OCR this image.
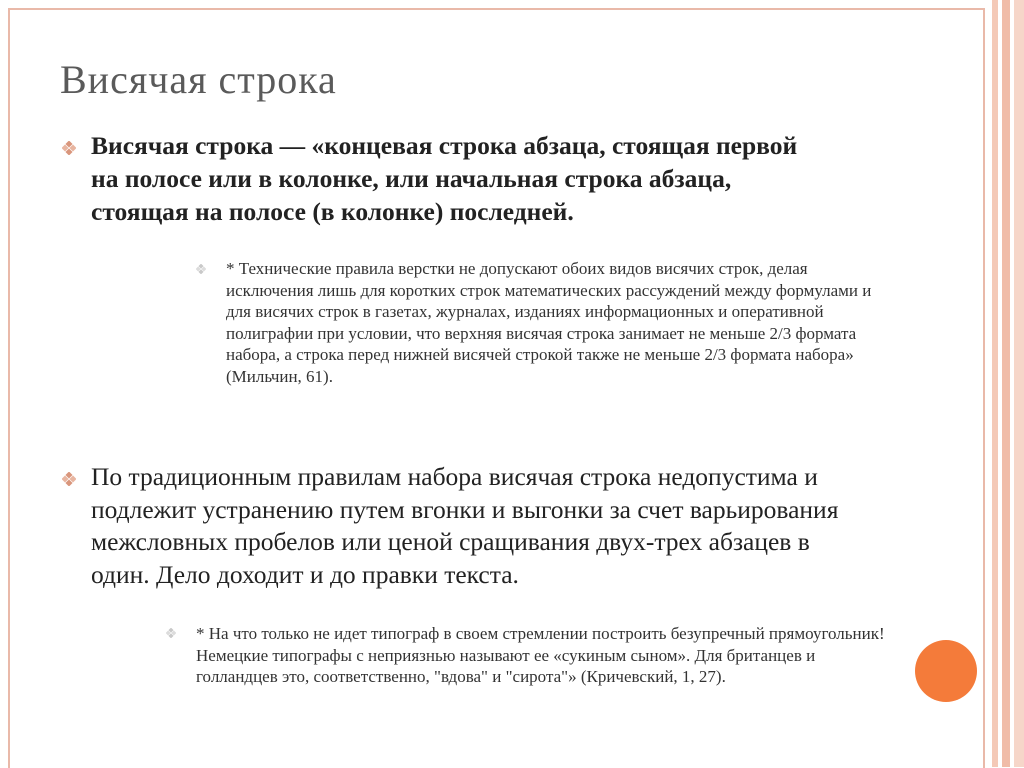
Висячая строка

Висячая строка — «концевая строка абзаца, стоящая первой на полосе или в колонке, или начальная строка абзаца, стоящая на полосе (в колонке) последней.

* Технические правила верстки не допускают обоих видов висячих строк, делая исключения лишь для коротких строк математических рассуждений между формулами и для висячих строк в газетах, журналах, изданиях информационных и оперативной полиграфии при условии, что верхняя висячая строка занимает не меньше 2/3 формата набора, а строка перед нижней висячей строкой также не меньше 2/3 формата набора» (Мильчин, 61).

По традиционным правилам набора висячая строка недопустима и подлежит устранению путем вгонки и выгонки за счет варьирования межсловных пробелов или ценой сращивания двух-трех абзацев в один. Дело доходит и до правки текста.

* На что только не идет типограф в своем стремлении построить безупречный прямоугольник! Немецкие типографы с неприязнью называют ее «сукиным сыном». Для британцев и голландцев это, соответственно, "вдова" и "сирота"» (Кричевский, 1, 27).
